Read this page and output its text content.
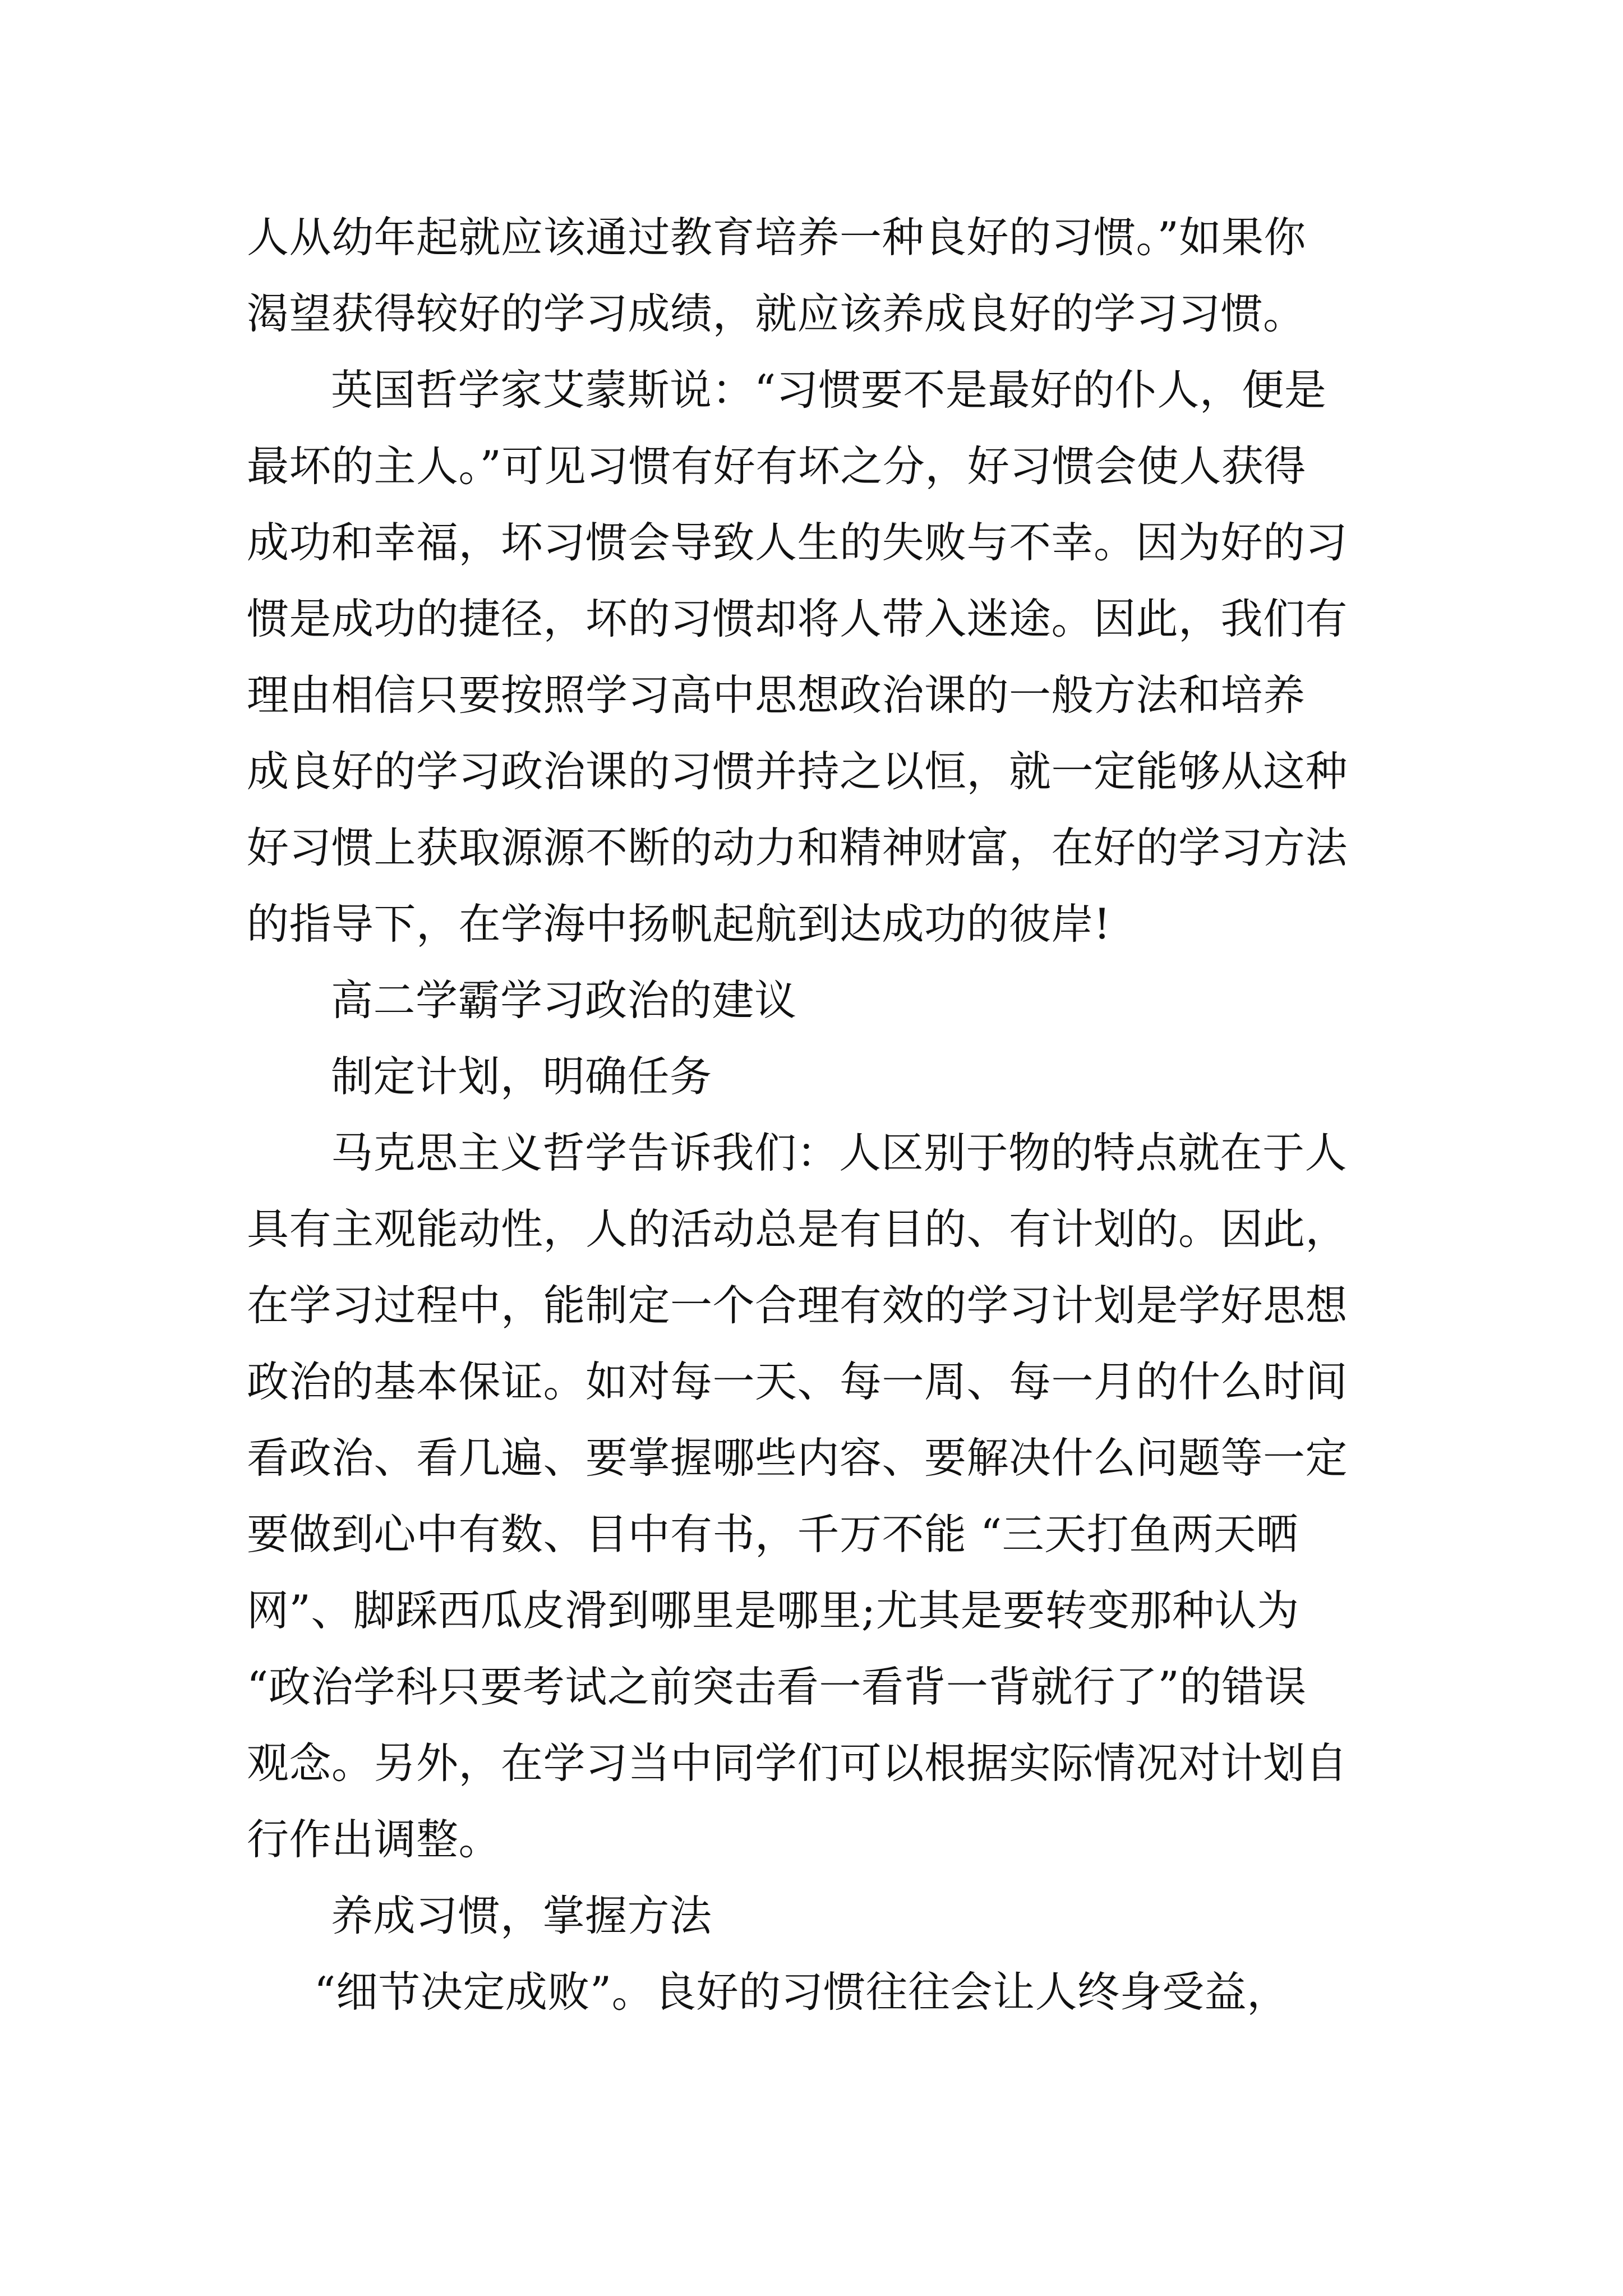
人从幼年起就应该通过教育培养一种良好的习惯。”如果你
渴望获得较好的学习成绩，就应该养成良好的学习习惯。
英国哲学家艾蒙斯说：“习惯要不是最好的仆人，便是
最坏的主人。”可见习惯有好有坏之分，好习惯会使人获得
成功和幸福，坏习惯会导致人生的失败与不幸。因为好的习
惯是成功的捷径，坏的习惯却将人带入迷途。因此，我们有
理由相信只要按照学习高中思想政治课的一般方法和培养
成良好的学习政治课的习惯并持之以恒，就一定能够从这种
好习惯上获取源源不断的动力和精神财富，在好的学习方法
的指导下，在学海中扬帆起航到达成功的彼岸!
高二学霸学习政治的建议
制定计划，明确任务
马克思主义哲学告诉我们：人区别于物的特点就在于人
具有主观能动性，人的活动总是有目的、有计划的。因此，
在学习过程中，能制定一个合理有效的学习计划是学好思想
政治的基本保证。如对每一天、每一周、每一月的什么时间
看政治、看几遍、要掌握哪些内容、要解决什么问题等一定
要做到心中有数、目中有书，千万不能 “三天打鱼两天晒
网”、脚踩西瓜皮滑到哪里是哪里;尤其是要转变那种认为
“政治学科只要考试之前突击看一看背一背就行了”的错误
观念。另外，在学习当中同学们可以根据实际情况对计划自
行作出调整。
养成习惯，掌握方法
“细节决定成败”。良好的习惯往往会让人终身受益，
